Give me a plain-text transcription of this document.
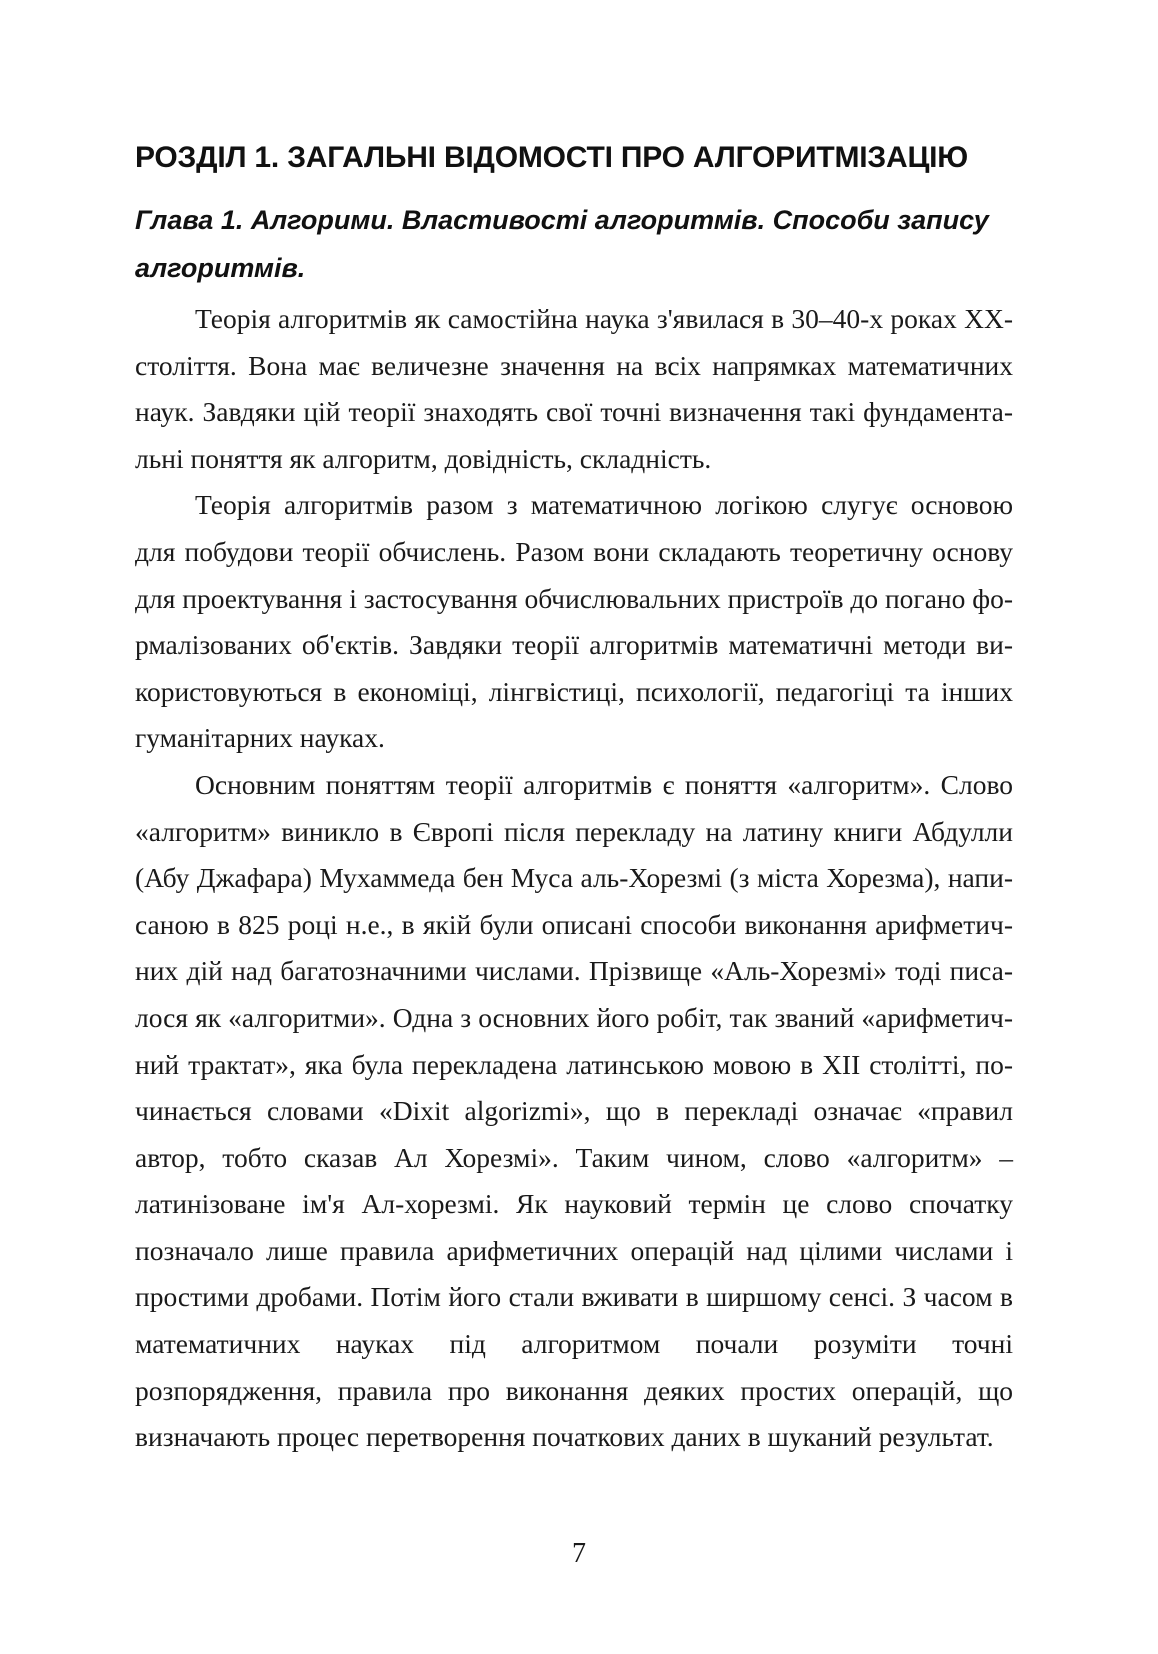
РОЗДІЛ 1. ЗАГАЛЬНІ ВІДОМОСТІ ПРО АЛГОРИТМІЗАЦІЮ
Глава 1. Алгорими. Властивості алгоритмів. Способи запису алгоритмів.

Теорія алгоритмів як самостійна наука з'явилася в 30–40-х роках XX-століття. Вона має величезне значення на всіх напрямках математичних наук. Завдяки цій теорії знаходять свої точні визначення такі фундаментальні поняття як алгоритм, довідність, складність.

Теорія алгоритмів разом з математичною логікою слугує основою для побудови теорії обчислень. Разом вони складають теоретичну основу для проектування і застосування обчислювальних пристроїв до погано формалізованих об'єктів. Завдяки теорії алгоритмів математичні методи використовуються в економіці, лінгвістиці, психології, педагогіці та інших гуманітарних науках.

Основним поняттям теорії алгоритмів є поняття «алгоритм». Слово «алгоритм» виникло в Європі після перекладу на латину книги Абдулли (Абу Джафара) Мухаммеда бен Муса аль-Хорезмі (з міста Хорезма), написаною в 825 році н.е., в якій були описані способи виконання арифметичних дій над багатозначними числами. Прізвище «Аль-Хорезмі» тоді писалося як «алгоритми». Одна з основних його робіт, так званий «арифметичний трактат», яка була перекладена латинською мовою в XII столітті, починається словами «Dixit algorizmi», що в перекладі означає «правил автор, тобто сказав Ал Хорезмі». Таким чином, слово «алгоритм» – латинізоване ім'я Ал-хорезмі. Як науковий термін це слово спочатку позначало лише правила арифметичних операцій над цілими числами і простими дробами. Потім його стали вживати в ширшому сенсі. З часом в математичних науках під алгоритмом почали розуміти точні розпорядження, правила про виконання деяких простих операцій, що визначають процес перетворення початкових даних в шуканий результат.

7
